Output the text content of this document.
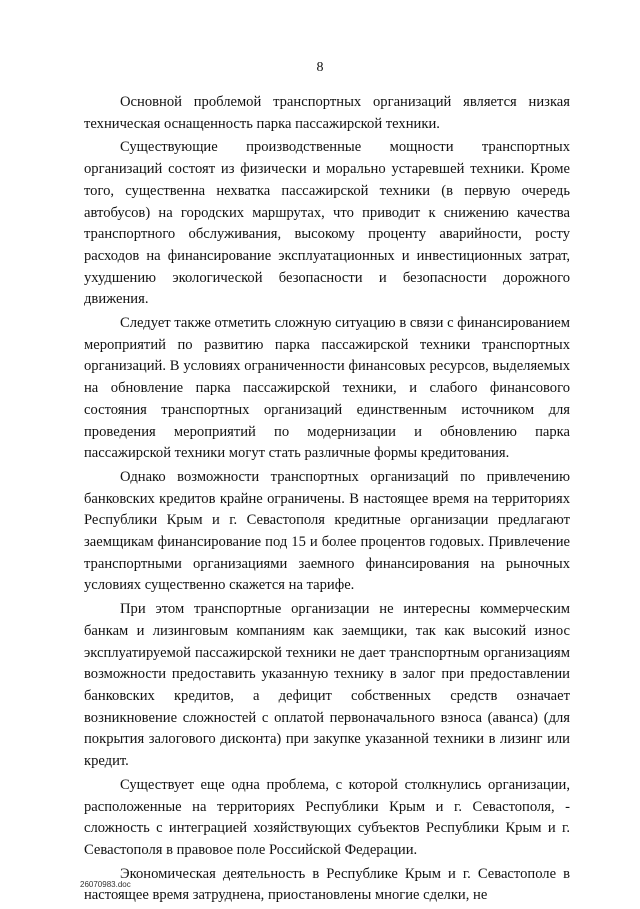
8

Основной проблемой транспортных организаций является низкая техническая оснащенность парка пассажирской техники.

Существующие производственные мощности транспортных организаций состоят из физически и морально устаревшей техники. Кроме того, существенна нехватка пассажирской техники (в первую очередь автобусов) на городских маршрутах, что приводит к снижению качества транспортного обслуживания, высокому проценту аварийности, росту расходов на финансирование эксплуатационных и инвестиционных затрат, ухудшению экологической безопасности и безопасности дорожного движения.

Следует также отметить сложную ситуацию в связи с финансированием мероприятий по развитию парка пассажирской техники транспортных организаций. В условиях ограниченности финансовых ресурсов, выделяемых на обновление парка пассажирской техники, и слабого финансового состояния транспортных организаций единственным источником для проведения мероприятий по модернизации и обновлению парка пассажирской техники могут стать различные формы кредитования.

Однако возможности транспортных организаций по привлечению банковских кредитов крайне ограничены. В настоящее время на территориях Республики Крым и г. Севастополя кредитные организации предлагают заемщикам финансирование под 15 и более процентов годовых. Привлечение транспортными организациями заемного финансирования на рыночных условиях существенно скажется на тарифе.

При этом транспортные организации не интересны коммерческим банкам и лизинговым компаниям как заемщики, так как высокий износ эксплуатируемой пассажирской техники не дает транспортным организациям возможности предоставить указанную технику в залог при предоставлении банковских кредитов, а дефицит собственных средств означает возникновение сложностей с оплатой первоначального взноса (аванса) (для покрытия залогового дисконта) при закупке указанной техники в лизинг или кредит.

Существует еще одна проблема, с которой столкнулись организации, расположенные на территориях Республики Крым и г. Севастополя, - сложность с интеграцией хозяйствующих субъектов Республики Крым и г. Севастополя в правовое поле Российской Федерации.

Экономическая деятельность в Республике Крым и г. Севастополе в настоящее время затруднена, приостановлены многие сделки, не

26070983.doc
